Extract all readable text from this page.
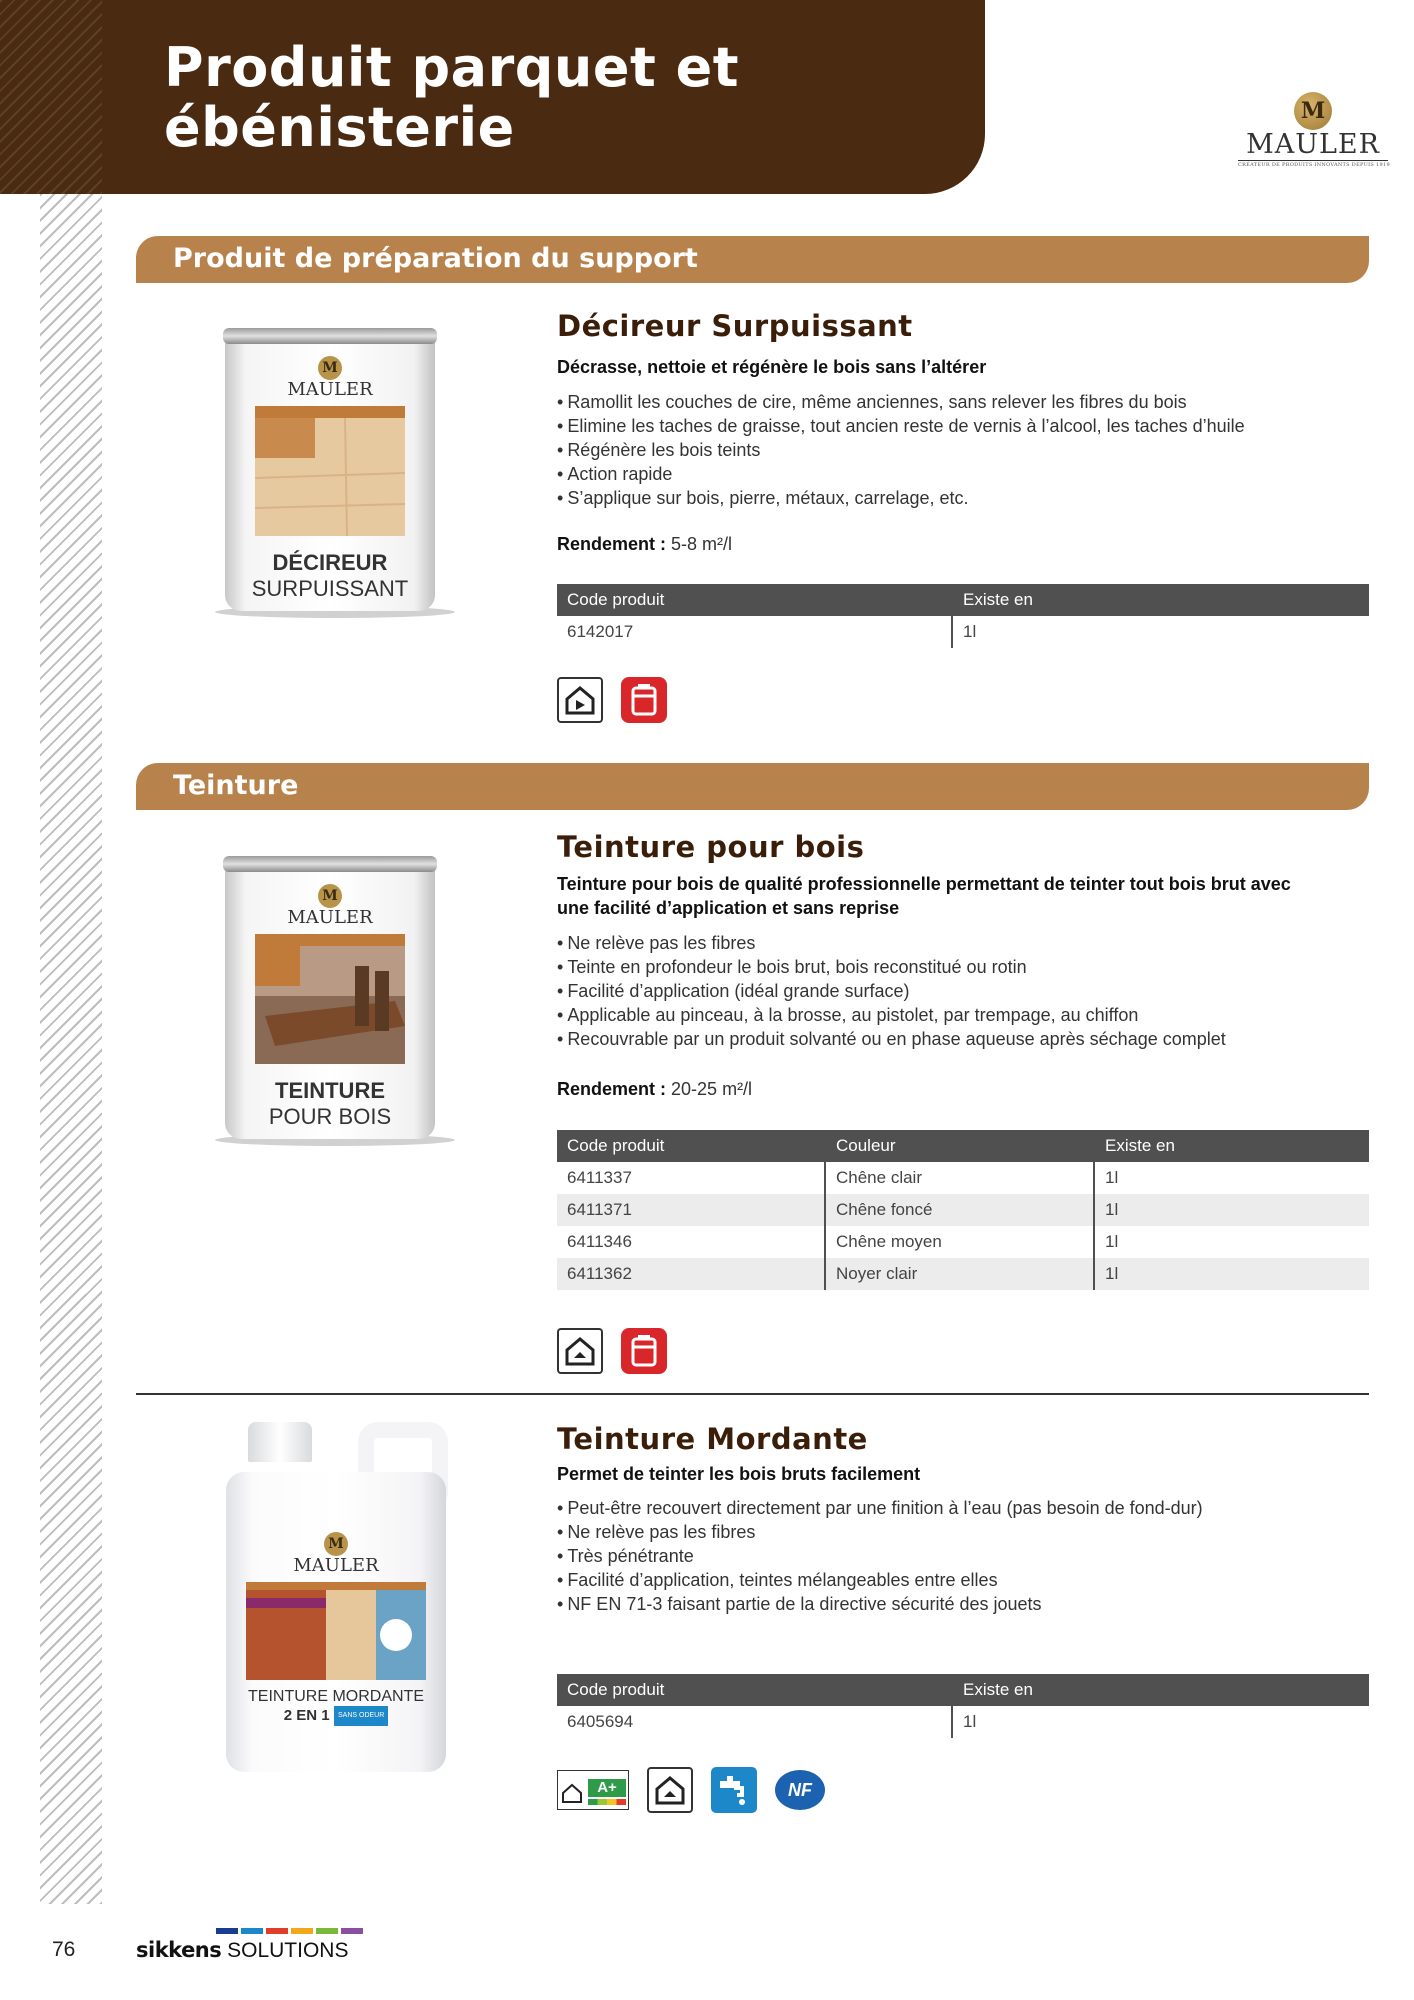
Produit parquet et ébénisterie	M
MAULER
CRÉATEUR DE PRODUITS INNOVANTS DEPUIS 1919
Produit de préparation du support
M
MAULER
DÉCIREUR
SURPUISSANT
Décireur Surpuissant
Décrasse, nettoie et régénère le bois sans l’altérer
• Ramollit les couches de cire, même anciennes, sans relever les fibres du bois
• Elimine les taches de graisse, tout ancien reste de vernis à l’alcool, les taches d’huile
• Régénère les bois teints
• Action rapide
• S’applique sur bois, pierre, métaux, carrelage, etc.
Rendement : 5-8 m²/l
Code produit	Existe en
6142017	1l
Teinture
M
MAULER
TEINTURE
POUR BOIS
Teinture pour bois
Teinture pour bois de qualité professionnelle permettant de teinter tout bois brut avec une facilité d’application et sans reprise
• Ne relève pas les fibres
• Teinte en profondeur le bois brut, bois reconstitué ou rotin
• Facilité d’application (idéal grande surface)
• Applicable au pinceau, à la brosse, au pistolet, par trempage, au chiffon
• Recouvrable par un produit solvanté ou en phase aqueuse après séchage complet
Rendement : 20-25 m²/l
Code produit	Couleur	Existe en
6411337	Chêne clair	1l
6411371	Chêne foncé	1l
6411346	Chêne moyen	1l
6411362	Noyer clair	1l
M
MAULER
TEINTURE MORDANTE
2 EN 1 SANS ODEUR
Teinture Mordante
Permet de teinter les bois bruts facilement
• Peut-être recouvert directement par une finition à l’eau (pas besoin de fond-dur)
• Ne relève pas les fibres
• Très pénétrante
• Facilité d’application, teintes mélangeables entre elles
• NF EN 71-3 faisant partie de la directive sécurité des jouets
Code produit	Existe en
6405694	1l
A+	NF
76	sikkens SOLUTIONS
